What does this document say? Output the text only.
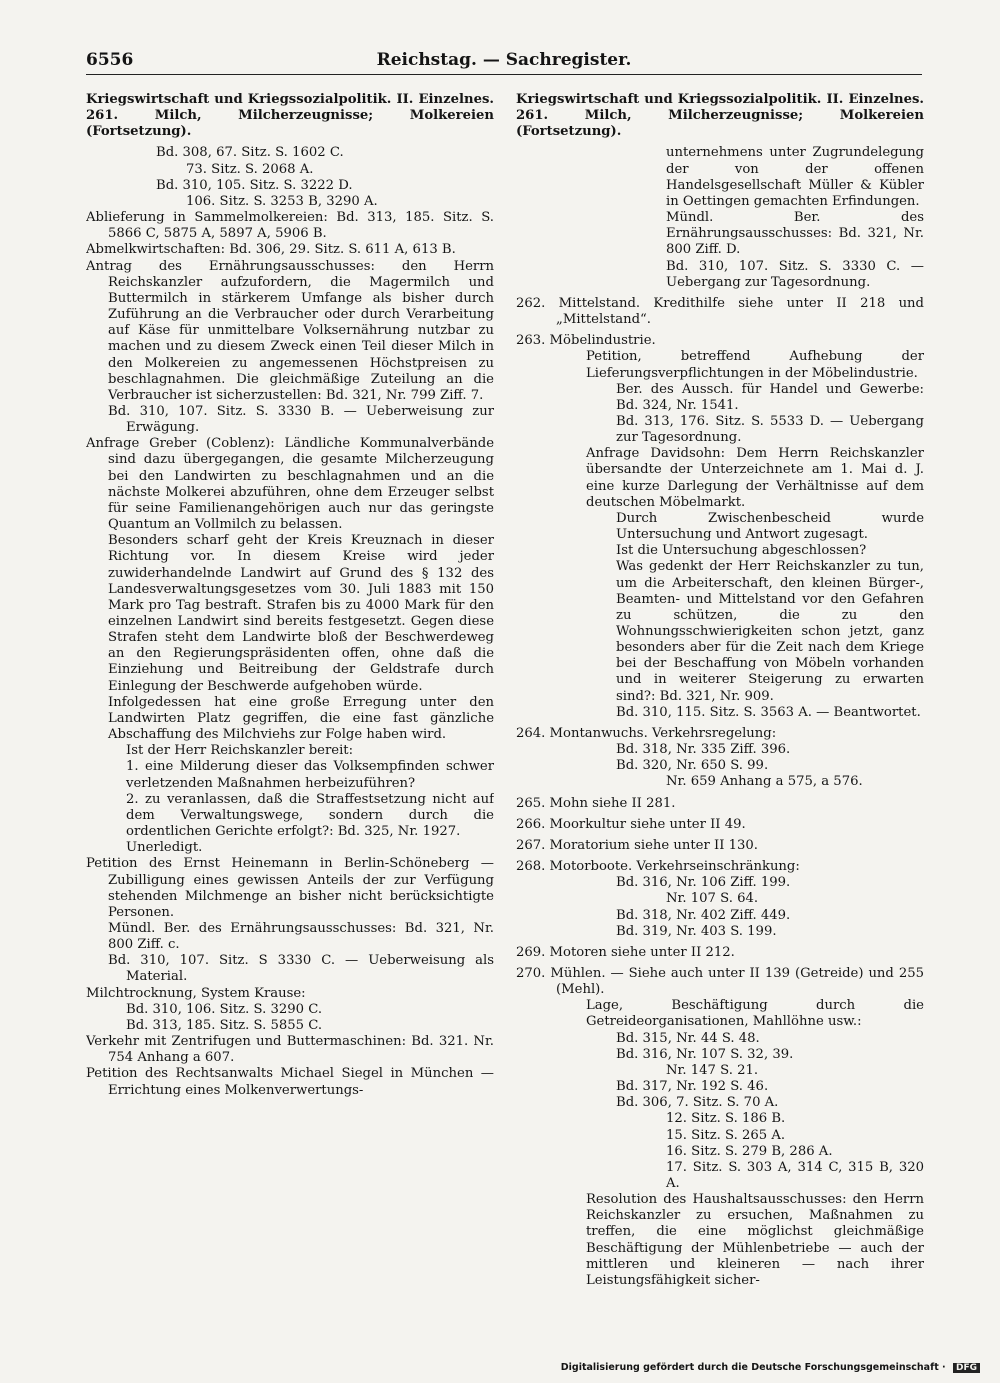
6556	Reichstag. — Sachregister.

Kriegswirtschaft und Kriegssozialpolitik. II. Einzelnes. 261. Milch, Milcherzeugnisse; Molkereien (Fortsetzung).

Bd. 308, 67. Sitz. S. 1602 C.

73. Sitz. S. 2068 A.

Bd. 310, 105. Sitz. S. 3222 D.

106. Sitz. S. 3253 B, 3290 A.

Ablieferung in Sammelmolkereien: Bd. 313, 185. Sitz. S. 5866 C, 5875 A, 5897 A, 5906 B.

Abmelkwirtschaften: Bd. 306, 29. Sitz. S. 611 A, 613 B.

Antrag des Ernährungsausschusses: den Herrn Reichskanzler aufzufordern, die Magermilch und Buttermilch in stärkerem Umfange als bisher durch Zuführung an die Verbraucher oder durch Verarbeitung auf Käse für unmittelbare Volksernährung nutzbar zu machen und zu diesem Zweck einen Teil dieser Milch in den Molkereien zu angemessenen Höchstpreisen zu beschlagnahmen. Die gleichmäßige Zuteilung an die Verbraucher ist sicherzustellen: Bd. 321, Nr. 799 Ziff. 7.

Bd. 310, 107. Sitz. S. 3330 B. — Ueberweisung zur Erwägung.

Anfrage Greber (Coblenz): Ländliche Kommunalverbände sind dazu übergegangen, die gesamte Milcherzeugung bei den Landwirten zu beschlagnahmen und an die nächste Molkerei abzuführen, ohne dem Erzeuger selbst für seine Familienangehörigen auch nur das geringste Quantum an Vollmilch zu belassen.

Besonders scharf geht der Kreis Kreuznach in dieser Richtung vor. In diesem Kreise wird jeder zuwiderhandelnde Landwirt auf Grund des § 132 des Landesverwaltungsgesetzes vom 30. Juli 1883 mit 150 Mark pro Tag bestraft. Strafen bis zu 4000 Mark für den einzelnen Landwirt sind bereits festgesetzt. Gegen diese Strafen steht dem Landwirte bloß der Beschwerdeweg an den Regierungspräsidenten offen, ohne daß die Einziehung und Beitreibung der Geldstrafe durch Einlegung der Beschwerde aufgehoben würde.

Infolgedessen hat eine große Erregung unter den Landwirten Platz gegriffen, die eine fast gänzliche Abschaffung des Milchviehs zur Folge haben wird.

Ist der Herr Reichskanzler bereit:

1. eine Milderung dieser das Volksempfinden schwer verletzenden Maßnahmen herbeizuführen?

2. zu veranlassen, daß die Straffestsetzung nicht auf dem Verwaltungswege, sondern durch die ordentlichen Gerichte erfolgt?: Bd. 325, Nr. 1927.

Unerledigt.

Petition des Ernst Heinemann in Berlin-Schöneberg — Zubilligung eines gewissen Anteils der zur Verfügung stehenden Milchmenge an bisher nicht berücksichtigte Personen.

Mündl. Ber. des Ernährungsausschusses: Bd. 321, Nr. 800 Ziff. c.

Bd. 310, 107. Sitz. S 3330 C. — Ueberweisung als Material.

Milchtrocknung, System Krause:

Bd. 310, 106. Sitz. S. 3290 C.

Bd. 313, 185. Sitz. S. 5855 C.

Verkehr mit Zentrifugen und Buttermaschinen: Bd. 321. Nr. 754 Anhang a 607.

Petition des Rechtsanwalts Michael Siegel in München — Errichtung eines Molkenverwertungs-

Kriegswirtschaft und Kriegssozialpolitik. II. Einzelnes. 261. Milch, Milcherzeugnisse; Molkereien (Fortsetzung).

unternehmens unter Zugrundelegung der von der offenen Handelsgesellschaft Müller & Kübler in Oettingen gemachten Erfindungen.

Mündl. Ber. des Ernährungsausschusses: Bd. 321, Nr. 800 Ziff. D.

Bd. 310, 107. Sitz. S. 3330 C. — Uebergang zur Tagesordnung.

262. Mittelstand. Kredithilfe siehe unter II 218 und „Mittelstand“.

263. Möbelindustrie.

Petition, betreffend Aufhebung der Lieferungsverpflichtungen in der Möbelindustrie.

Ber. des Aussch. für Handel und Gewerbe: Bd. 324, Nr. 1541.

Bd. 313, 176. Sitz. S. 5533 D. — Uebergang zur Tagesordnung.

Anfrage Davidsohn: Dem Herrn Reichskanzler übersandte der Unterzeichnete am 1. Mai d. J. eine kurze Darlegung der Verhältnisse auf dem deutschen Möbelmarkt.

Durch Zwischenbescheid wurde Untersuchung und Antwort zugesagt.

Ist die Untersuchung abgeschlossen?

Was gedenkt der Herr Reichskanzler zu tun, um die Arbeiterschaft, den kleinen Bürger-, Beamten- und Mittelstand vor den Gefahren zu schützen, die zu den Wohnungsschwierigkeiten schon jetzt, ganz besonders aber für die Zeit nach dem Kriege bei der Beschaffung von Möbeln vorhanden und in weiterer Steigerung zu erwarten sind?: Bd. 321, Nr. 909.

Bd. 310, 115. Sitz. S. 3563 A. — Beantwortet.

264. Montanwuchs. Verkehrsregelung:

Bd. 318, Nr. 335 Ziff. 396.

Bd. 320, Nr. 650 S. 99.

Nr. 659 Anhang a 575, a 576.

265. Mohn siehe II 281.

266. Moorkultur siehe unter II 49.

267. Moratorium siehe unter II 130.

268. Motorboote. Verkehrseinschränkung:

Bd. 316, Nr. 106 Ziff. 199.

Nr. 107 S. 64.

Bd. 318, Nr. 402 Ziff. 449.

Bd. 319, Nr. 403 S. 199.

269. Motoren siehe unter II 212.

270. Mühlen. — Siehe auch unter II 139 (Getreide) und 255 (Mehl).

Lage, Beschäftigung durch die Getreideorganisationen, Mahllöhne usw.:

Bd. 315, Nr. 44 S. 48.

Bd. 316, Nr. 107 S. 32, 39.

Nr. 147 S. 21.

Bd. 317, Nr. 192 S. 46.

Bd. 306, 7. Sitz. S. 70 A.

12. Sitz. S. 186 B.

15. Sitz. S. 265 A.

16. Sitz. S. 279 B, 286 A.

17. Sitz. S. 303 A, 314 C, 315 B, 320 A.

Resolution des Haushaltsausschusses: den Herrn Reichskanzler zu ersuchen, Maßnahmen zu treffen, die eine möglichst gleichmäßige Beschäftigung der Mühlenbetriebe — auch der mittleren und kleineren — nach ihrer Leistungsfähigkeit sicher-

Digitalisierung gefördert durch die Deutsche Forschungsgemeinschaft · DFG
